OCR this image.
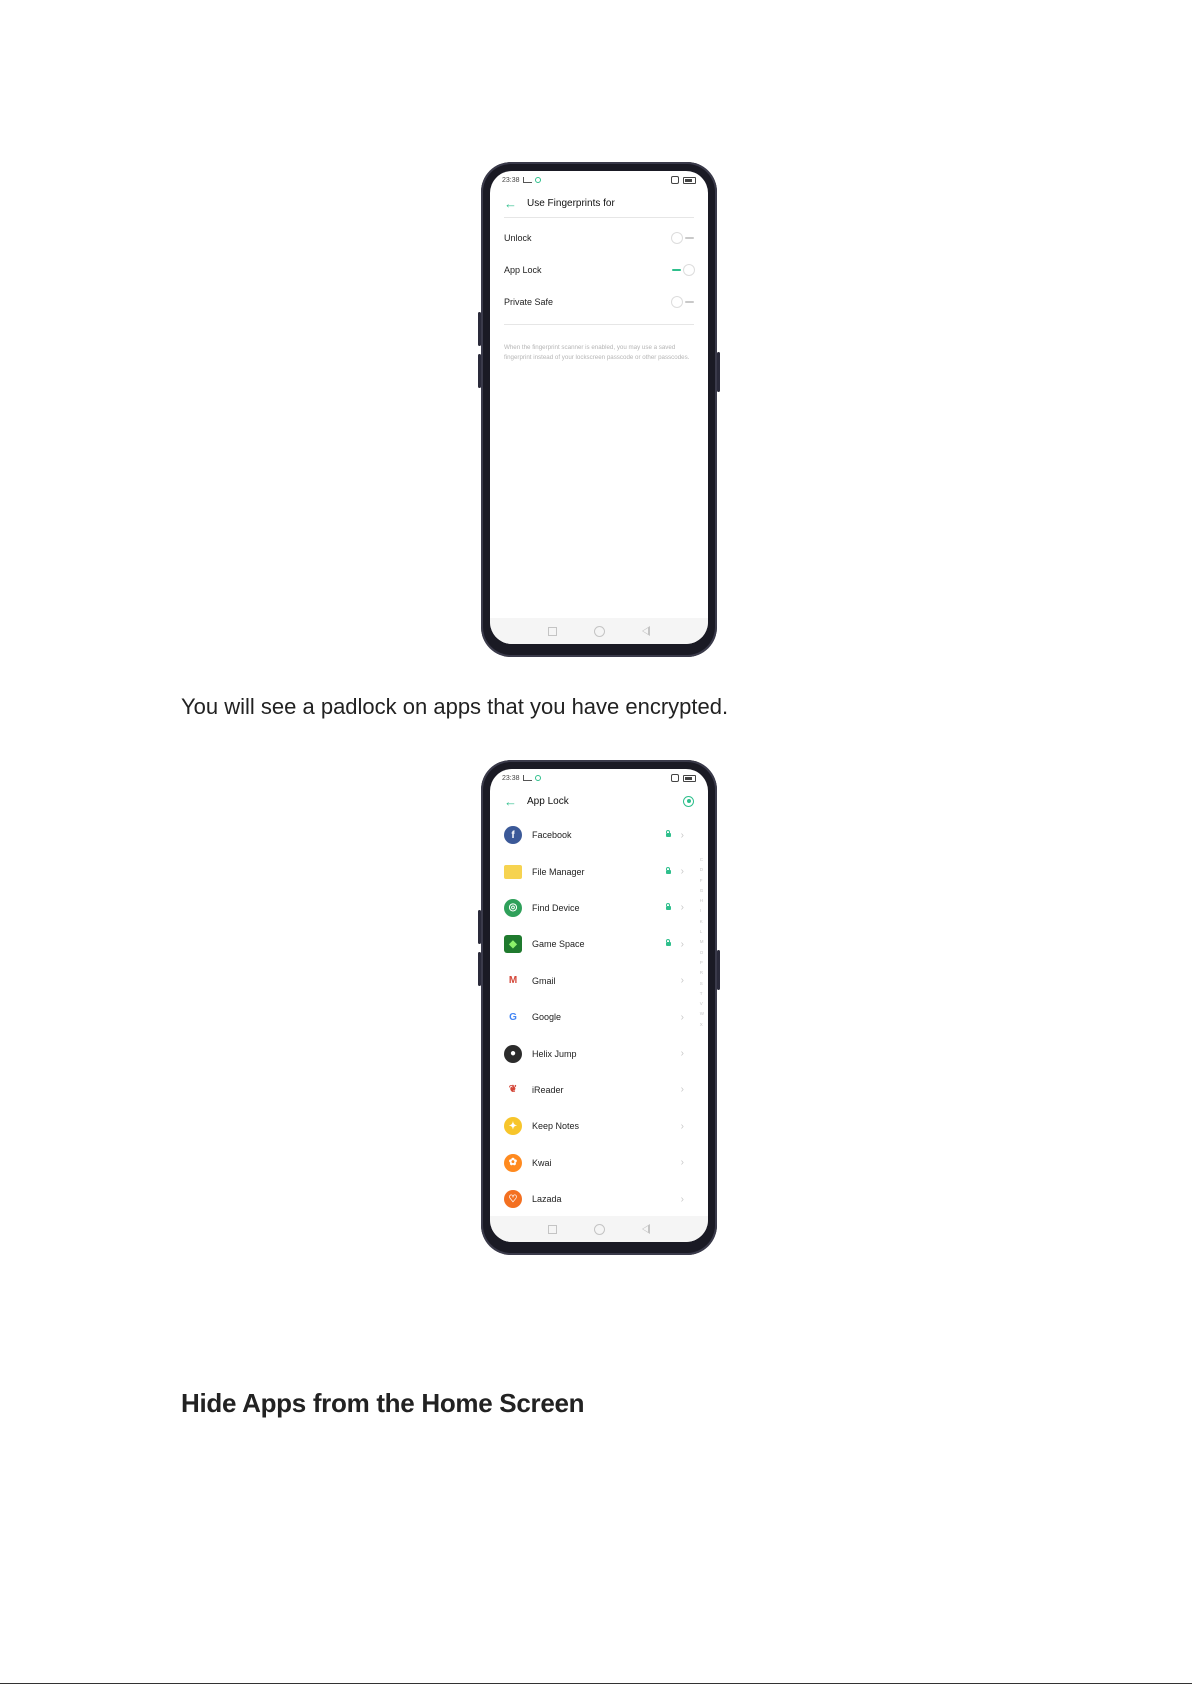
23:38
← Use Fingerprints for
Unlock
App Lock
Private Safe
When the fingerprint scanner is enabled, you may use a saved fingerprint instead of your lockscreen passcode or other passcodes.

You will see a padlock on apps that you have encrypted.

23:38
← App Lock
f	Facebook	›
File Manager	›
◎	Find Device	›
◆	Game Space	›
M	Gmail	›
G	Google	›
●	Helix Jump	›
❦	iReader	›
✦	Keep Notes	›
✿	Kwai	›
♡	Lazada	›
C
D
F
G
H
I
K
L
M
O
P
R
S
T
V
W
X
Hide Apps from the Home Screen
